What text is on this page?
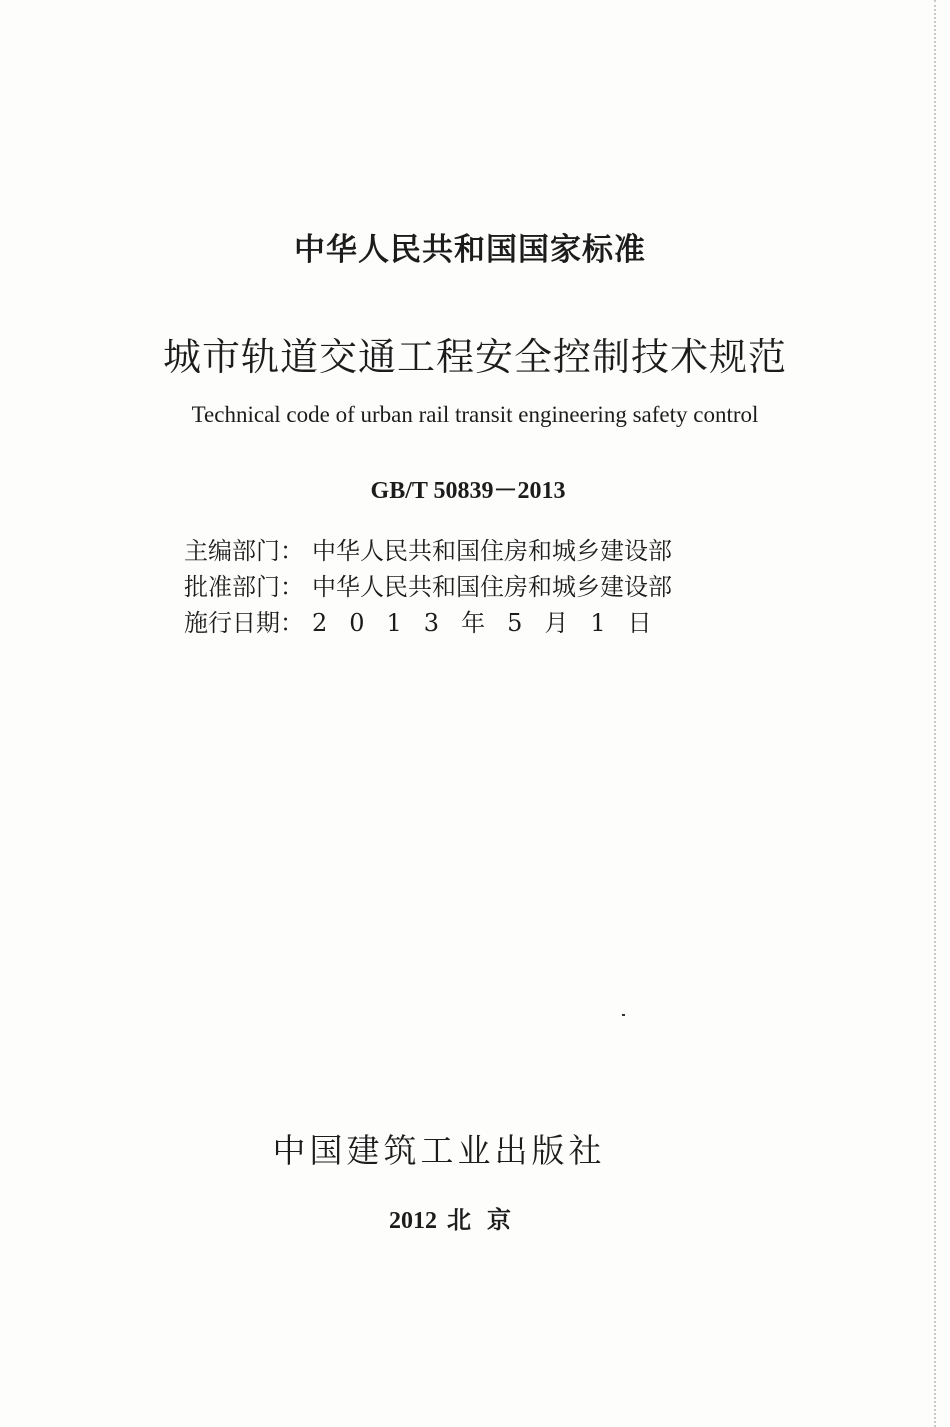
中华人民共和国国家标准
城市轨道交通工程安全控制技术规范
Technical code of urban rail transit engineering safety control
GB/T 50839－2013
主编部门： 中华人民共和国住房和城乡建设部
批准部门： 中华人民共和国住房和城乡建设部
施行日期： 2013年5月1日
中国建筑工业出版社
2012 北京
